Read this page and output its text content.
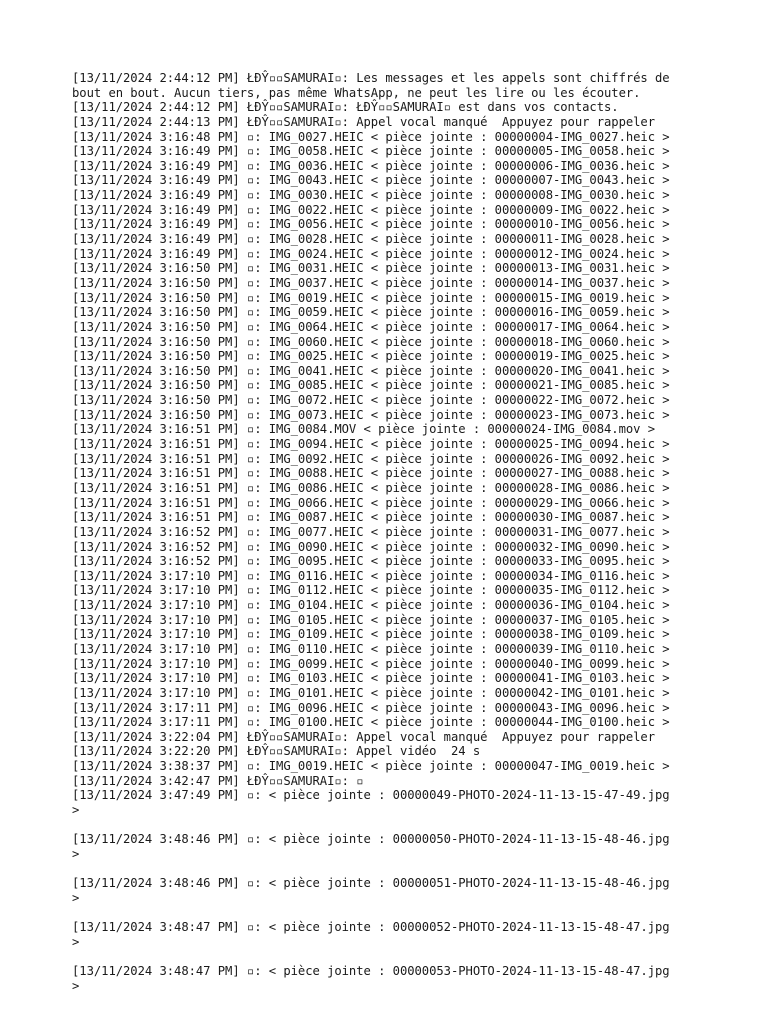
[13/11/2024 2:44:12 PM] ŁĐŶ▫▫SAMURAI▫: Les messages et les appels sont chiffrés de
bout en bout. Aucun tiers, pas même WhatsApp, ne peut les lire ou les écouter.
[13/11/2024 2:44:12 PM] ŁĐŶ▫▫SAMURAI▫: ŁĐŶ▫▫SAMURAI▫ est dans vos contacts.
[13/11/2024 2:44:13 PM] ŁĐŶ▫▫SAMURAI▫: Appel vocal manqué  Appuyez pour rappeler
[13/11/2024 3:16:48 PM] ▫: IMG_0027.HEIC < pièce jointe : 00000004-IMG_0027.heic >
[13/11/2024 3:16:49 PM] ▫: IMG_0058.HEIC < pièce jointe : 00000005-IMG_0058.heic >
[13/11/2024 3:16:49 PM] ▫: IMG_0036.HEIC < pièce jointe : 00000006-IMG_0036.heic >
[13/11/2024 3:16:49 PM] ▫: IMG_0043.HEIC < pièce jointe : 00000007-IMG_0043.heic >
[13/11/2024 3:16:49 PM] ▫: IMG_0030.HEIC < pièce jointe : 00000008-IMG_0030.heic >
[13/11/2024 3:16:49 PM] ▫: IMG_0022.HEIC < pièce jointe : 00000009-IMG_0022.heic >
[13/11/2024 3:16:49 PM] ▫: IMG_0056.HEIC < pièce jointe : 00000010-IMG_0056.heic >
[13/11/2024 3:16:49 PM] ▫: IMG_0028.HEIC < pièce jointe : 00000011-IMG_0028.heic >
[13/11/2024 3:16:49 PM] ▫: IMG_0024.HEIC < pièce jointe : 00000012-IMG_0024.heic >
[13/11/2024 3:16:50 PM] ▫: IMG_0031.HEIC < pièce jointe : 00000013-IMG_0031.heic >
[13/11/2024 3:16:50 PM] ▫: IMG_0037.HEIC < pièce jointe : 00000014-IMG_0037.heic >
[13/11/2024 3:16:50 PM] ▫: IMG_0019.HEIC < pièce jointe : 00000015-IMG_0019.heic >
[13/11/2024 3:16:50 PM] ▫: IMG_0059.HEIC < pièce jointe : 00000016-IMG_0059.heic >
[13/11/2024 3:16:50 PM] ▫: IMG_0064.HEIC < pièce jointe : 00000017-IMG_0064.heic >
[13/11/2024 3:16:50 PM] ▫: IMG_0060.HEIC < pièce jointe : 00000018-IMG_0060.heic >
[13/11/2024 3:16:50 PM] ▫: IMG_0025.HEIC < pièce jointe : 00000019-IMG_0025.heic >
[13/11/2024 3:16:50 PM] ▫: IMG_0041.HEIC < pièce jointe : 00000020-IMG_0041.heic >
[13/11/2024 3:16:50 PM] ▫: IMG_0085.HEIC < pièce jointe : 00000021-IMG_0085.heic >
[13/11/2024 3:16:50 PM] ▫: IMG_0072.HEIC < pièce jointe : 00000022-IMG_0072.heic >
[13/11/2024 3:16:50 PM] ▫: IMG_0073.HEIC < pièce jointe : 00000023-IMG_0073.heic >
[13/11/2024 3:16:51 PM] ▫: IMG_0084.MOV < pièce jointe : 00000024-IMG_0084.mov >
[13/11/2024 3:16:51 PM] ▫: IMG_0094.HEIC < pièce jointe : 00000025-IMG_0094.heic >
[13/11/2024 3:16:51 PM] ▫: IMG_0092.HEIC < pièce jointe : 00000026-IMG_0092.heic >
[13/11/2024 3:16:51 PM] ▫: IMG_0088.HEIC < pièce jointe : 00000027-IMG_0088.heic >
[13/11/2024 3:16:51 PM] ▫: IMG_0086.HEIC < pièce jointe : 00000028-IMG_0086.heic >
[13/11/2024 3:16:51 PM] ▫: IMG_0066.HEIC < pièce jointe : 00000029-IMG_0066.heic >
[13/11/2024 3:16:51 PM] ▫: IMG_0087.HEIC < pièce jointe : 00000030-IMG_0087.heic >
[13/11/2024 3:16:52 PM] ▫: IMG_0077.HEIC < pièce jointe : 00000031-IMG_0077.heic >
[13/11/2024 3:16:52 PM] ▫: IMG_0090.HEIC < pièce jointe : 00000032-IMG_0090.heic >
[13/11/2024 3:16:52 PM] ▫: IMG_0095.HEIC < pièce jointe : 00000033-IMG_0095.heic >
[13/11/2024 3:17:10 PM] ▫: IMG_0116.HEIC < pièce jointe : 00000034-IMG_0116.heic >
[13/11/2024 3:17:10 PM] ▫: IMG_0112.HEIC < pièce jointe : 00000035-IMG_0112.heic >
[13/11/2024 3:17:10 PM] ▫: IMG_0104.HEIC < pièce jointe : 00000036-IMG_0104.heic >
[13/11/2024 3:17:10 PM] ▫: IMG_0105.HEIC < pièce jointe : 00000037-IMG_0105.heic >
[13/11/2024 3:17:10 PM] ▫: IMG_0109.HEIC < pièce jointe : 00000038-IMG_0109.heic >
[13/11/2024 3:17:10 PM] ▫: IMG_0110.HEIC < pièce jointe : 00000039-IMG_0110.heic >
[13/11/2024 3:17:10 PM] ▫: IMG_0099.HEIC < pièce jointe : 00000040-IMG_0099.heic >
[13/11/2024 3:17:10 PM] ▫: IMG_0103.HEIC < pièce jointe : 00000041-IMG_0103.heic >
[13/11/2024 3:17:10 PM] ▫: IMG_0101.HEIC < pièce jointe : 00000042-IMG_0101.heic >
[13/11/2024 3:17:11 PM] ▫: IMG_0096.HEIC < pièce jointe : 00000043-IMG_0096.heic >
[13/11/2024 3:17:11 PM] ▫: IMG_0100.HEIC < pièce jointe : 00000044-IMG_0100.heic >
[13/11/2024 3:22:04 PM] ŁĐŶ▫▫SAMURAI▫: Appel vocal manqué  Appuyez pour rappeler
[13/11/2024 3:22:20 PM] ŁĐŶ▫▫SAMURAI▫: Appel vidéo  24 s
[13/11/2024 3:38:37 PM] ▫: IMG_0019.HEIC < pièce jointe : 00000047-IMG_0019.heic >
[13/11/2024 3:42:47 PM] ŁĐŶ▫▫SAMURAI▫: ▫
[13/11/2024 3:47:49 PM] ▫: < pièce jointe : 00000049-PHOTO-2024-11-13-15-47-49.jpg
>
[13/11/2024 3:48:46 PM] ▫: < pièce jointe : 00000050-PHOTO-2024-11-13-15-48-46.jpg
>
[13/11/2024 3:48:46 PM] ▫: < pièce jointe : 00000051-PHOTO-2024-11-13-15-48-46.jpg
>
[13/11/2024 3:48:47 PM] ▫: < pièce jointe : 00000052-PHOTO-2024-11-13-15-48-47.jpg
>
[13/11/2024 3:48:47 PM] ▫: < pièce jointe : 00000053-PHOTO-2024-11-13-15-48-47.jpg
>
